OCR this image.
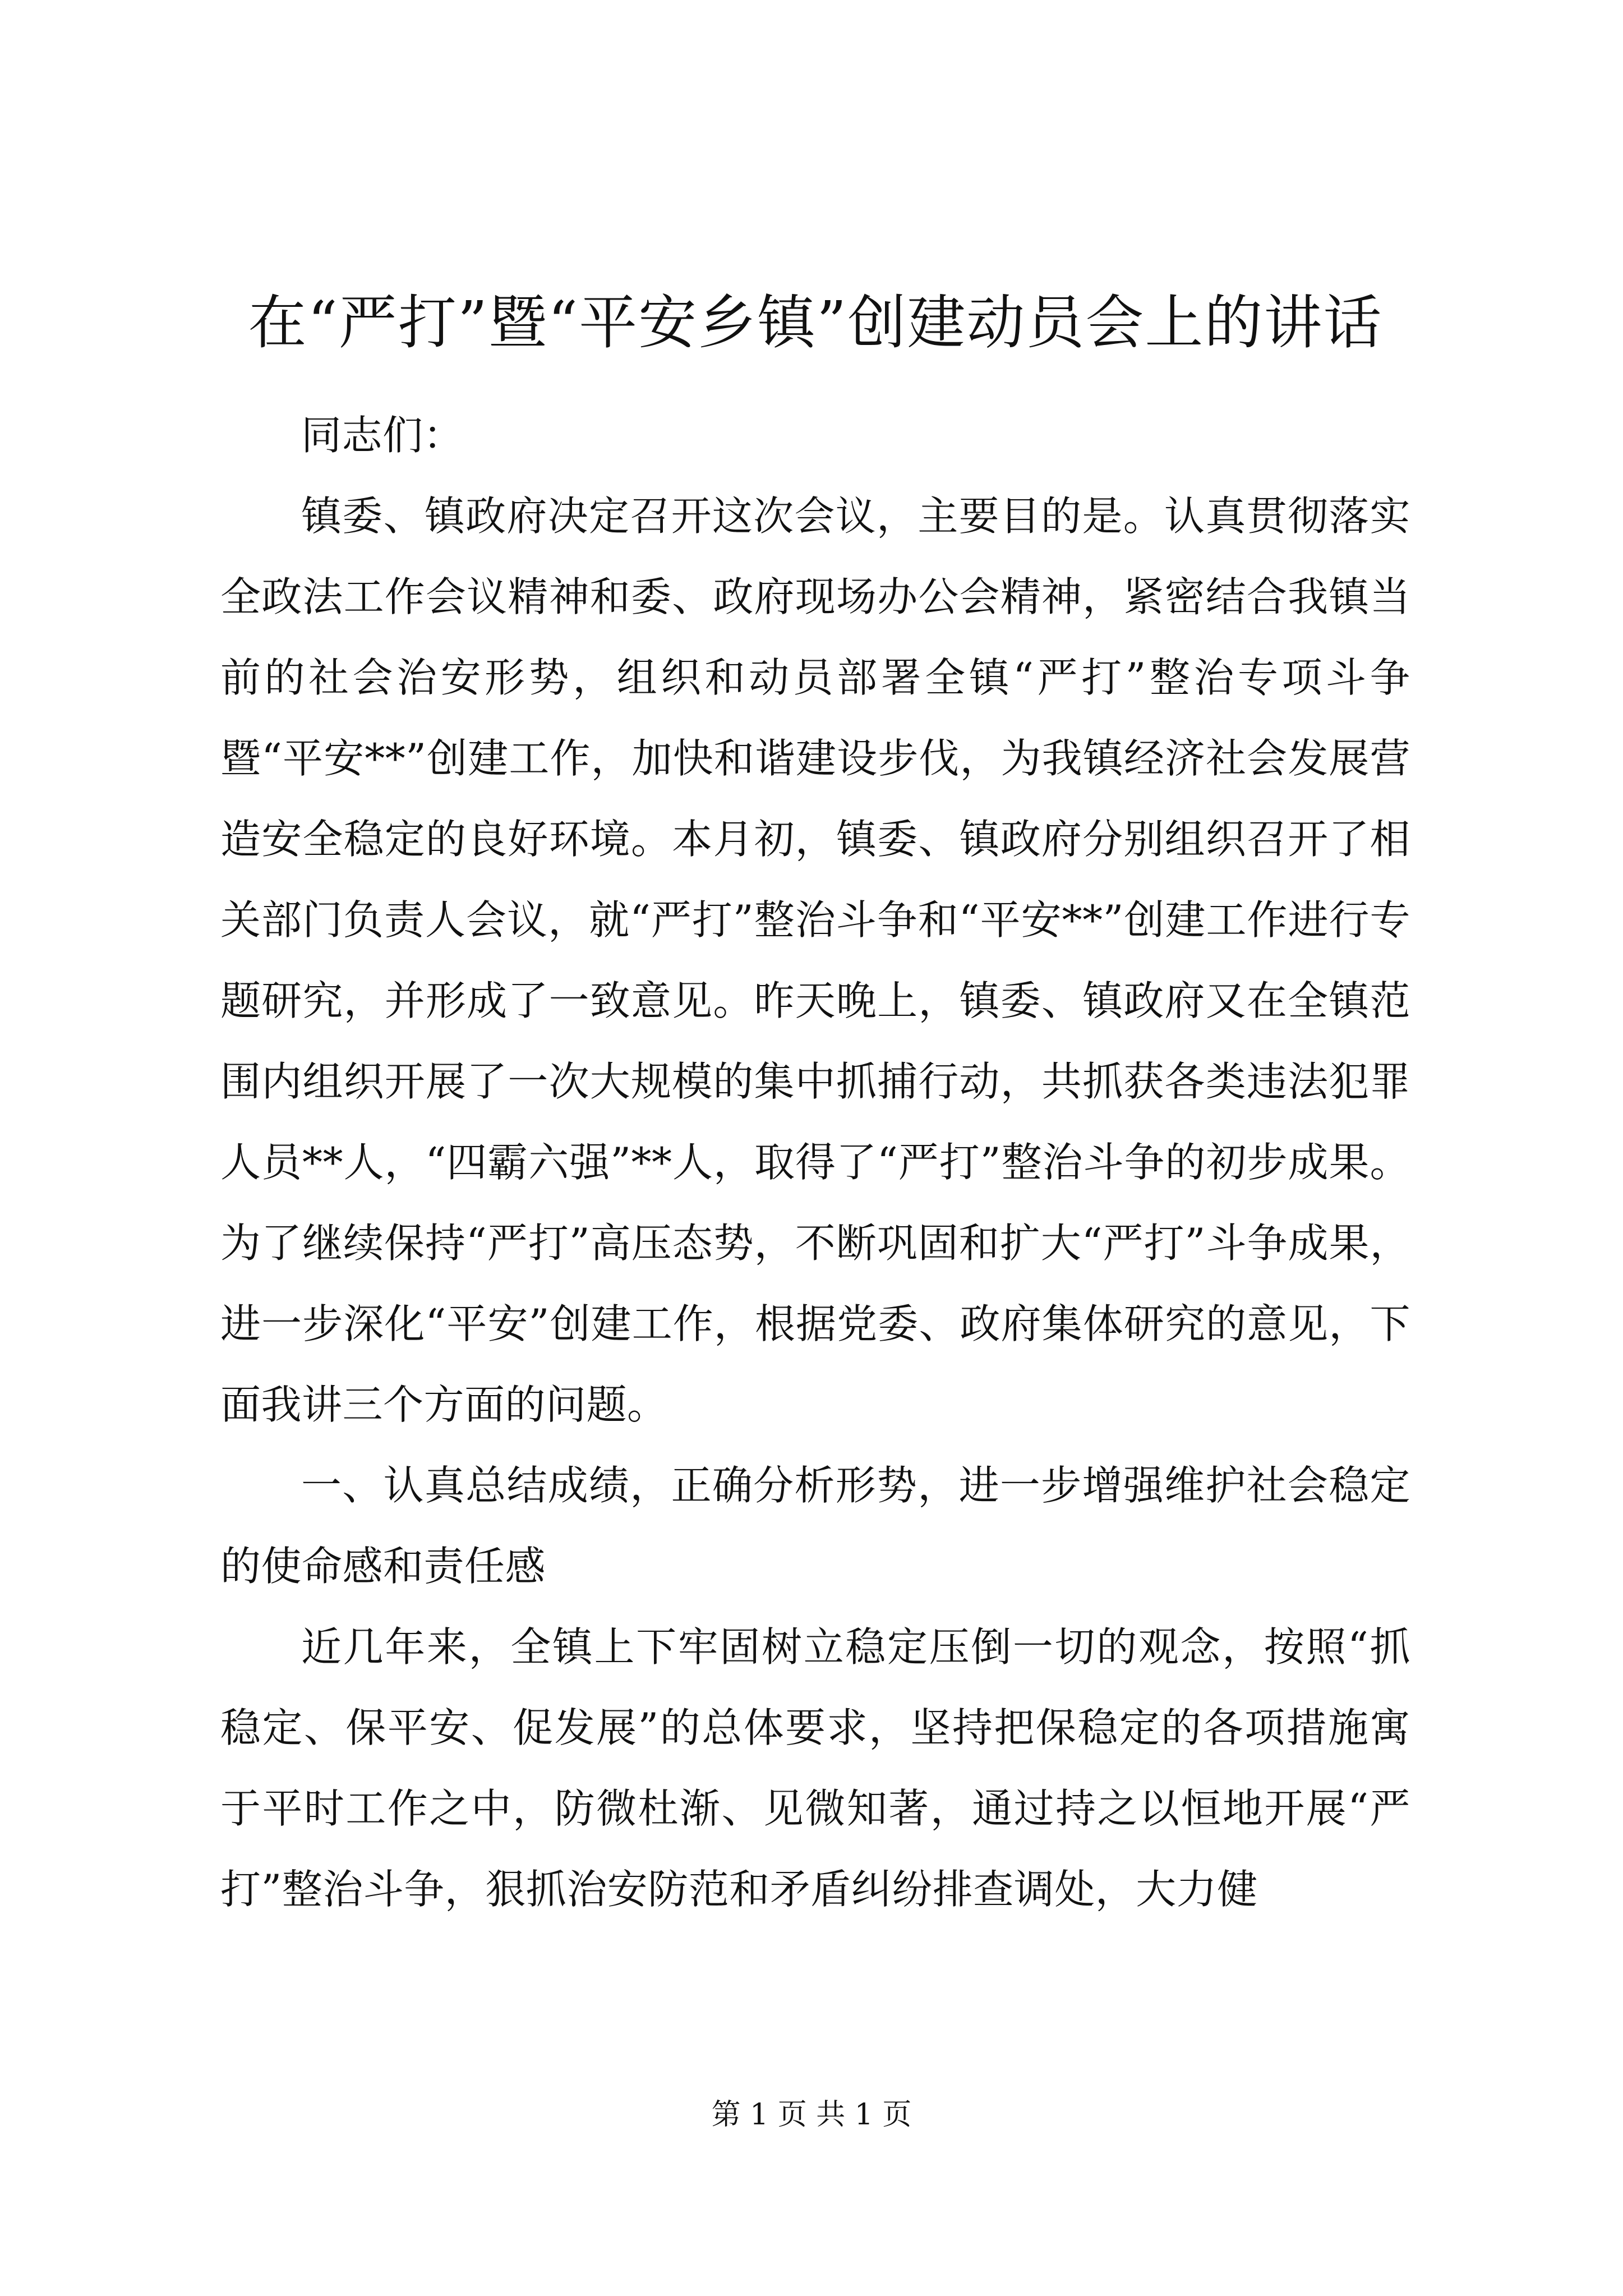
在“严打”暨“平安乡镇”创建动员会上的讲话

同志们：

镇委、镇政府决定召开这次会议，主要目的是。认真贯彻落实全政法工作会议精神和委、政府现场办公会精神，紧密结合我镇当前的社会治安形势，组织和动员部署全镇“严打”整治专项斗争暨“平安**”创建工作，加快和谐建设步伐，为我镇经济社会发展营造安全稳定的良好环境。本月初，镇委、镇政府分别组织召开了相关部门负责人会议，就“严打”整治斗争和“平安**”创建工作进行专题研究，并形成了一致意见。昨天晚上，镇委、镇政府又在全镇范围内组织开展了一次大规模的集中抓捕行动，共抓获各类违法犯罪人员**人，“四霸六强”**人，取得了“严打”整治斗争的初步成果。为了继续保持“严打”高压态势，不断巩固和扩大“严打”斗争成果，进一步深化“平安”创建工作，根据党委、政府集体研究的意见，下面我讲三个方面的问题。

一、认真总结成绩，正确分析形势，进一步增强维护社会稳定的使命感和责任感

近几年来，全镇上下牢固树立稳定压倒一切的观念，按照“抓稳定、保平安、促发展”的总体要求，坚持把保稳定的各项措施寓于平时工作之中，防微杜渐、见微知著，通过持之以恒地开展“严打”整治斗争，狠抓治安防范和矛盾纠纷排查调处，大力健

第 1 页 共 1 页
